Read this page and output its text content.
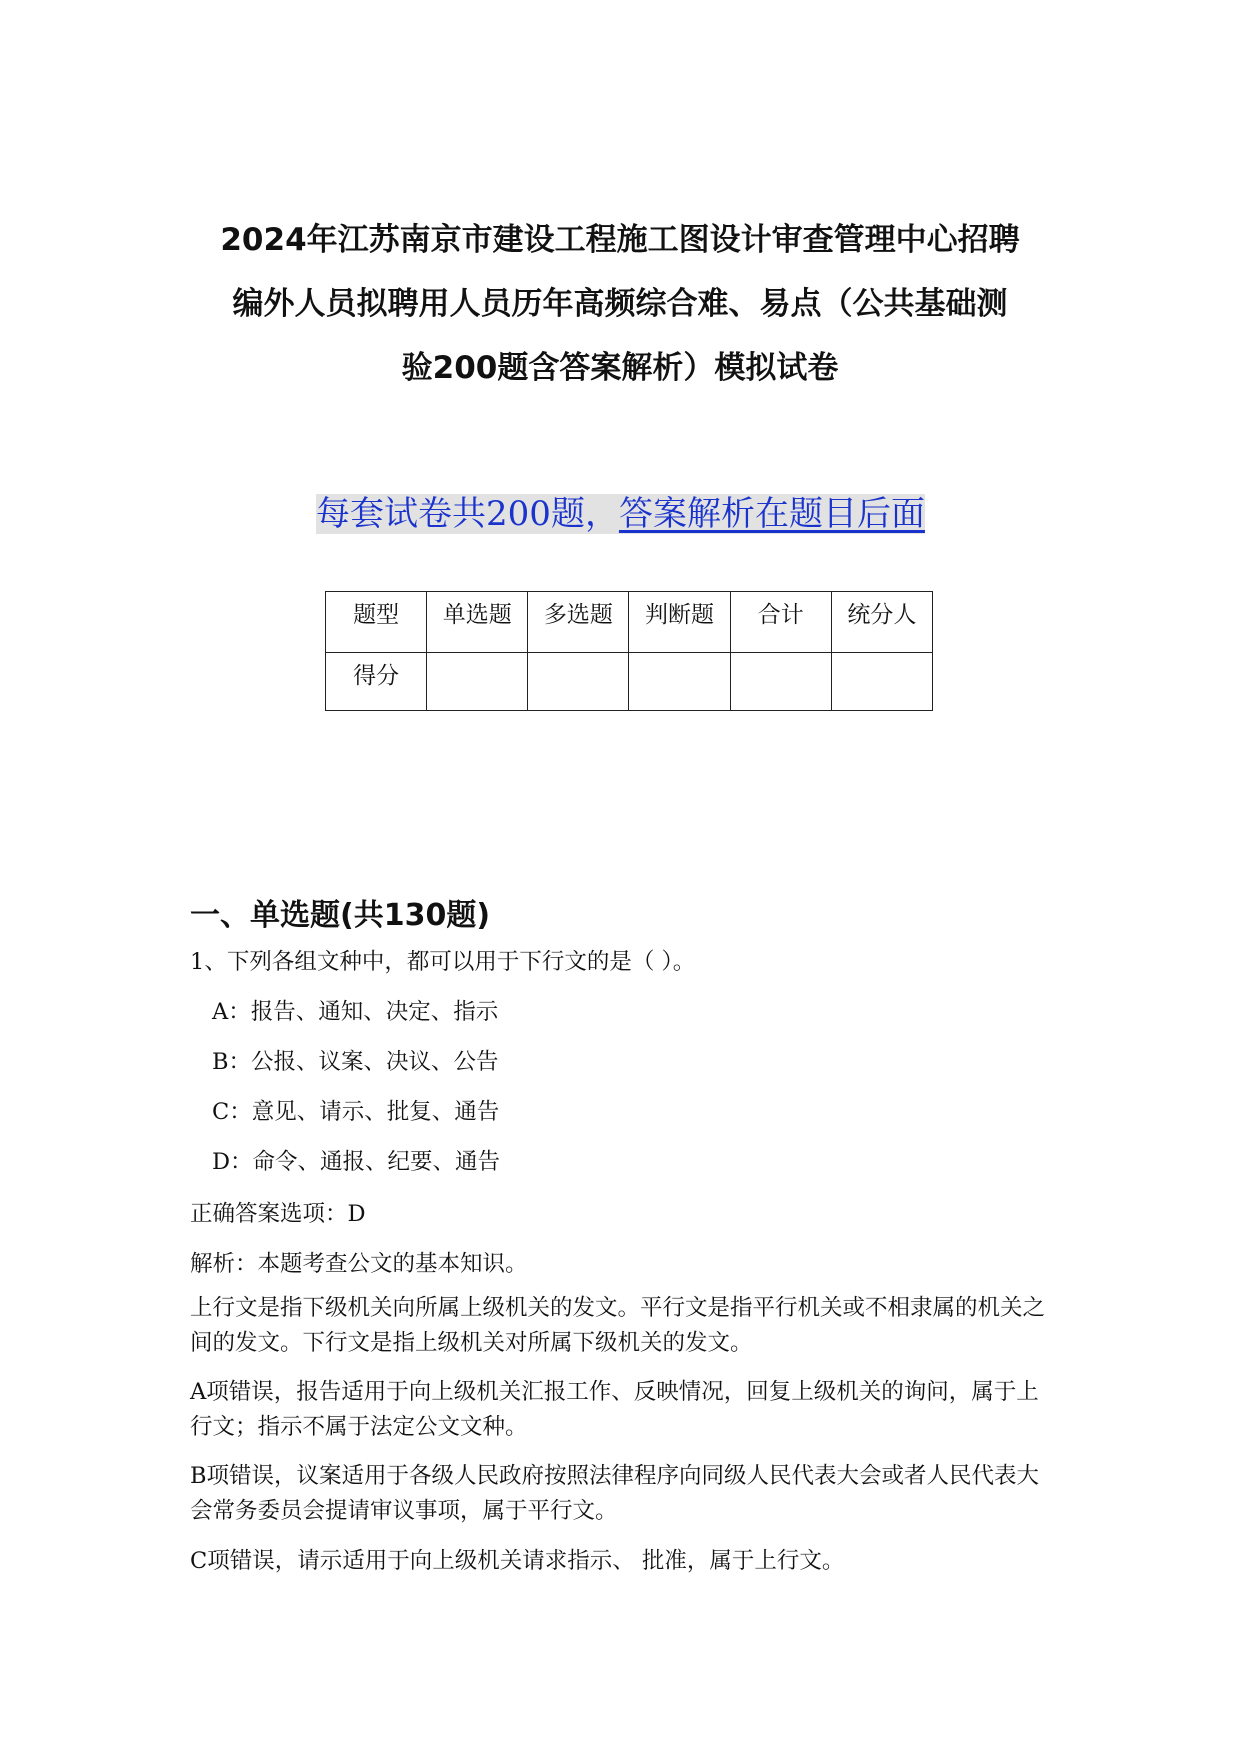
2024年江苏南京市建设工程施工图设计审查管理中心招聘
编外人员拟聘用人员历年高频综合难、易点（公共基础测
验200题含答案解析）模拟试卷

每套试卷共200题，答案解析在题目后面

题型	单选题	多选题	判断题	合计	统分人
得分					
一、单选题(共130题)

1、下列各组文种中，都可以用于下行文的是（ ）。

A：报告、通知、决定、指示

B：公报、议案、决议、公告

C：意见、请示、批复、通告

D：命令、通报、纪要、通告

正确答案选项：D

解析：本题考查公文的基本知识。

上行文是指下级机关向所属上级机关的发文。平行文是指平行机关或不相隶属的机关之间的发文。下行文是指上级机关对所属下级机关的发文。

A项错误，报告适用于向上级机关汇报工作、反映情况，回复上级机关的询问，属于上行文；指示不属于法定公文文种。

B项错误，议案适用于各级人民政府按照法律程序向同级人民代表大会或者人民代表大会常务委员会提请审议事项，属于平行文。

C项错误，请示适用于向上级机关请求指示、 批准，属于上行文。
